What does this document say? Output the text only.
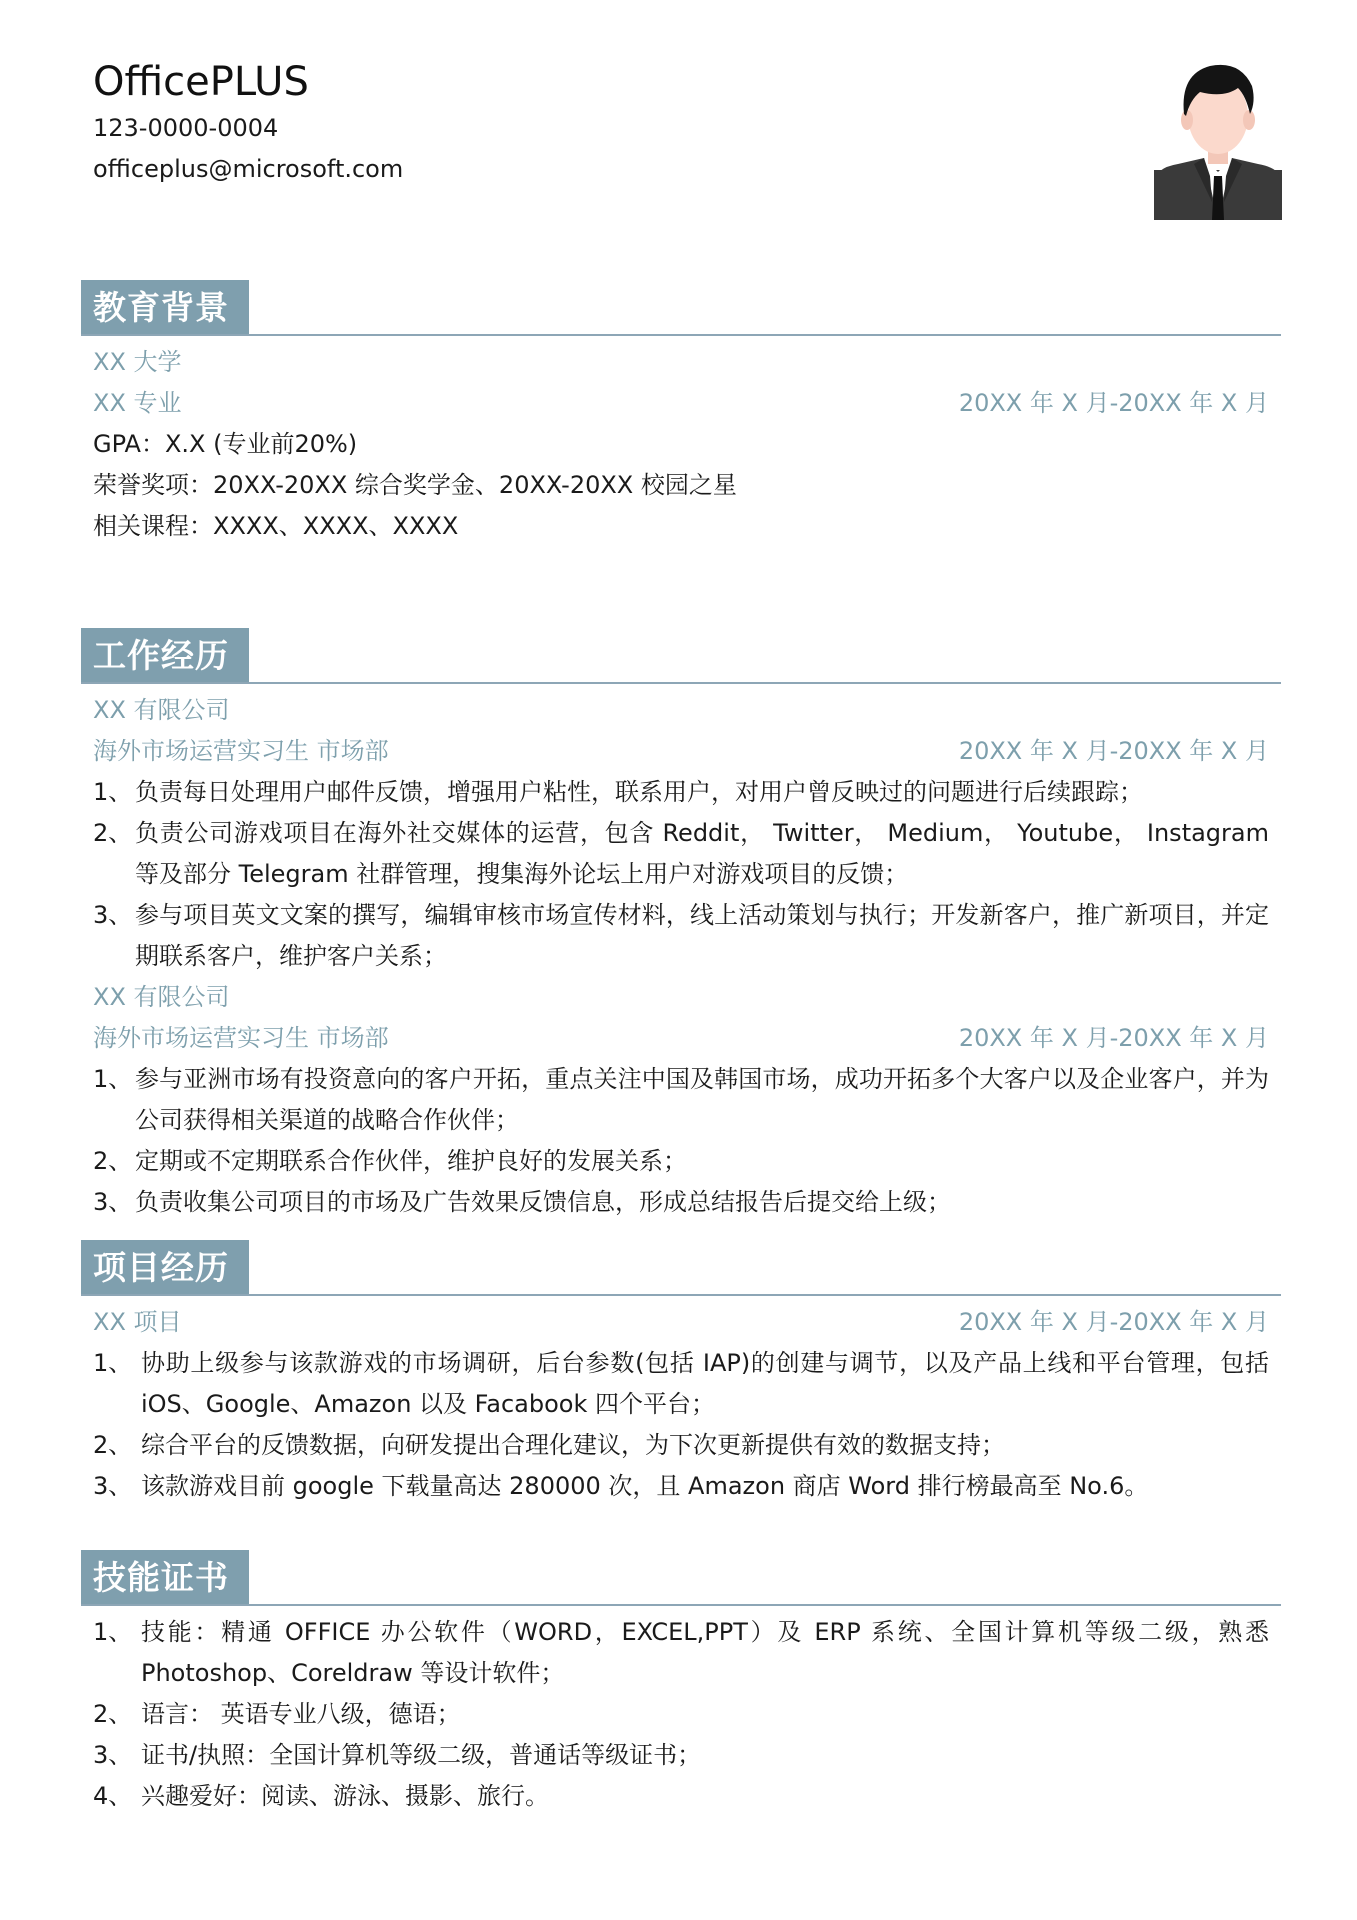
OfficePLUS
123-0000-0004
officeplus@microsoft.com
教育背景
XX 大学
XX 专业	20XX 年 X 月-20XX 年 X 月
GPA：X.X (专业前20%)
荣誉奖项：20XX-20XX 综合奖学金、20XX-20XX 校园之星
相关课程：XXXX、XXXX、XXXX
工作经历
XX 有限公司
海外市场运营实习生 市场部	20XX 年 X 月-20XX 年 X 月
1、 负责每日处理用户邮件反馈，增强用户粘性，联系用户，对用户曾反映过的问题进行后续跟踪；
2、 负责公司游戏项目在海外社交媒体的运营，包含 Reddit， Twitter， Medium， Youtube， Instagram 等及部分 Telegram 社群管理，搜集海外论坛上用户对游戏项目的反馈；
3、 参与项目英文文案的撰写，编辑审核市场宣传材料，线上活动策划与执行；开发新客户，推广新项目，并定期联系客户，维护客户关系；
XX 有限公司
海外市场运营实习生 市场部	20XX 年 X 月-20XX 年 X 月
1、 参与亚洲市场有投资意向的客户开拓，重点关注中国及韩国市场，成功开拓多个大客户以及企业客户，并为公司获得相关渠道的战略合作伙伴；
2、 定期或不定期联系合作伙伴，维护良好的发展关系；
3、 负责收集公司项目的市场及广告效果反馈信息，形成总结报告后提交给上级；
项目经历
XX 项目	20XX 年 X 月-20XX 年 X 月
1、 协助上级参与该款游戏的市场调研，后台参数(包括 IAP)的创建与调节，以及产品上线和平台管理，包括 iOS、Google、Amazon 以及 Facabook 四个平台；
2、 综合平台的反馈数据，向研发提出合理化建议，为下次更新提供有效的数据支持；
3、 该款游戏目前 google 下载量高达 280000 次，且 Amazon 商店 Word 排行榜最高至 No.6。
技能证书
1、 技能：精通 OFFICE 办公软件（WORD，EXCEL,PPT）及 ERP 系统、全国计算机等级二级，熟悉 Photoshop、Coreldraw 等设计软件；
2、 语言： 英语专业八级，德语；
3、 证书/执照：全国计算机等级二级，普通话等级证书；
4、 兴趣爱好：阅读、游泳、摄影、旅行。
